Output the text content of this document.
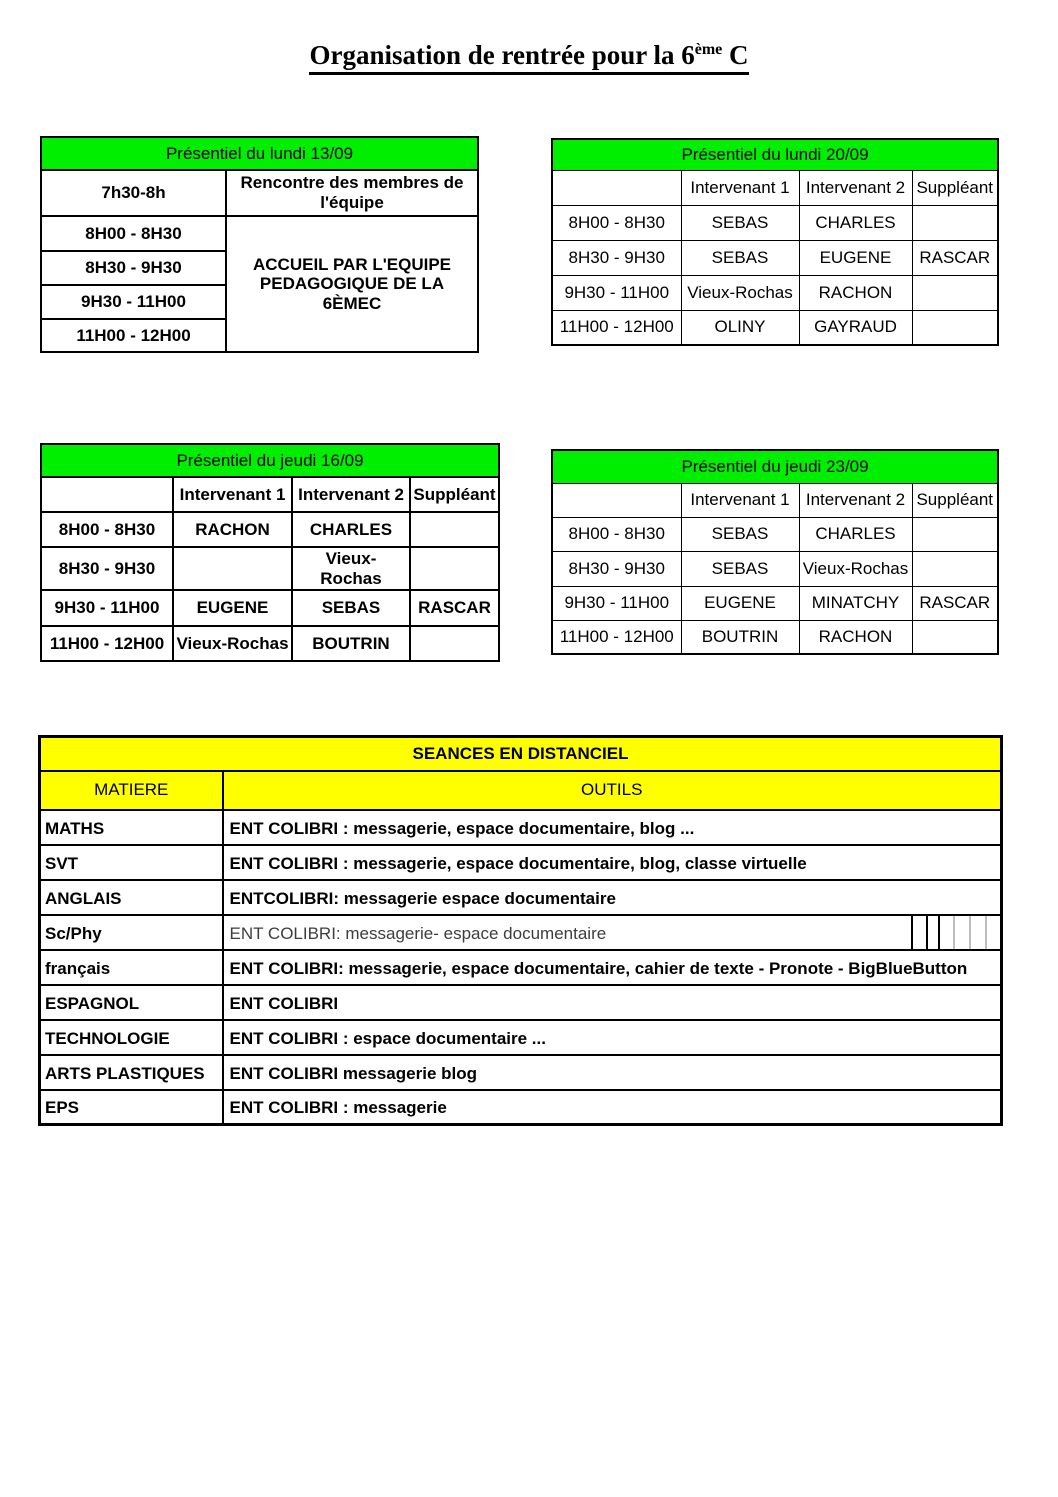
Organisation de rentrée pour la 6ème C
Présentiel du lundi 13/09	
7h30-8h	Rencontre des membres de l'équipe
8H00 - 8H30	ACCUEIL PAR L'EQUIPE PEDAGOGIQUE DE LA 6ÈMEC
8H30 - 9H30	
9H30 - 11H00	
11H00 - 12H00	
Présentiel du lundi 20/09			
	Intervenant 1	Intervenant 2	Suppléant
8H00 - 8H30	SEBAS	CHARLES	
8H30 - 9H30	SEBAS	EUGENE	RASCAR
9H30 - 11H00	Vieux-Rochas	RACHON	
11H00 - 12H00	OLINY	GAYRAUD	
Présentiel du jeudi 16/09			
	Intervenant 1	Intervenant 2	Suppléant
8H00 - 8H30	RACHON	CHARLES	
8H30 - 9H30		Vieux-Rochas	
9H30 - 11H00	EUGENE	SEBAS	RASCAR
11H00 - 12H00	Vieux-Rochas	BOUTRIN	
Présentiel du jeudi 23/09			
	Intervenant 1	Intervenant 2	Suppléant
8H00 - 8H30	SEBAS	CHARLES	
8H30 - 9H30	SEBAS	Vieux-Rochas	
9H30 - 11H00	EUGENE	MINATCHY	RASCAR
11H00 - 12H00	BOUTRIN	RACHON	
SEANCES EN DISTANCIEL	
MATIERE	OUTILS
MATHS	ENT COLIBRI : messagerie, espace documentaire, blog ...
SVT	ENT COLIBRI : messagerie, espace documentaire, blog, classe virtuelle
ANGLAIS	ENTCOLIBRI: messagerie espace documentaire
Sc/Phy	ENT COLIBRI: messagerie- espace documentaire

français	ENT COLIBRI: messagerie, espace documentaire, cahier de texte - Pronote - BigBlueButton
ESPAGNOL	ENT COLIBRI
TECHNOLOGIE	ENT COLIBRI : espace documentaire ...
ARTS PLASTIQUES	ENT COLIBRI messagerie blog
EPS	ENT COLIBRI : messagerie
